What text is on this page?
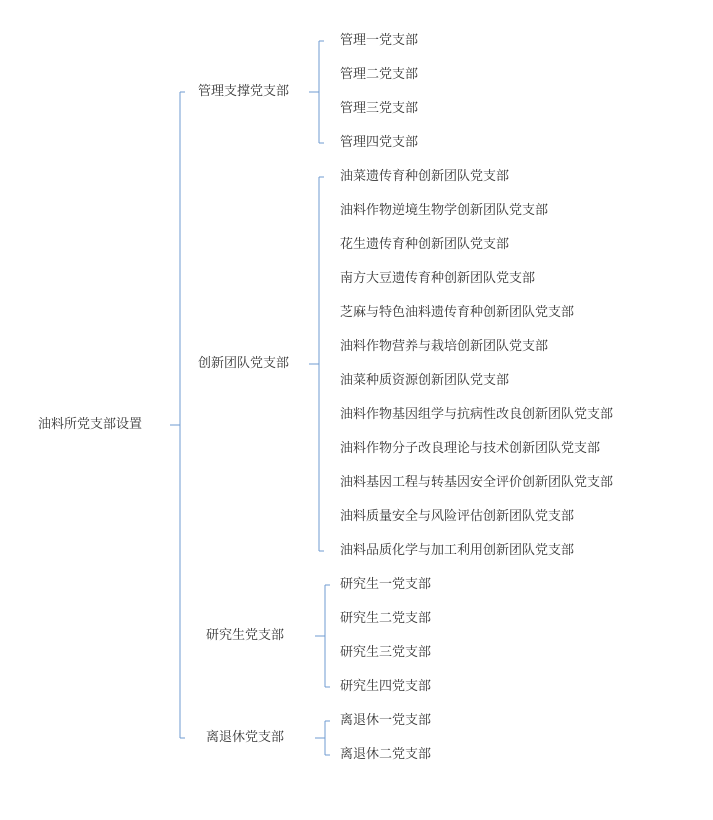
油料所党支部设置
管理支撑党支部
管理一党支部
管理二党支部
管理三党支部
管理四党支部
创新团队党支部
油菜遗传育种创新团队党支部
油料作物逆境生物学创新团队党支部
花生遗传育种创新团队党支部
南方大豆遗传育种创新团队党支部
芝麻与特色油料遗传育种创新团队党支部
油料作物营养与栽培创新团队党支部
油菜种质资源创新团队党支部
油料作物基因组学与抗病性改良创新团队党支部
油料作物分子改良理论与技术创新团队党支部
油料基因工程与转基因安全评价创新团队党支部
油料质量安全与风险评估创新团队党支部
油料品质化学与加工利用创新团队党支部
研究生党支部
研究生一党支部
研究生二党支部
研究生三党支部
研究生四党支部
离退休党支部
离退休一党支部
离退休二党支部
